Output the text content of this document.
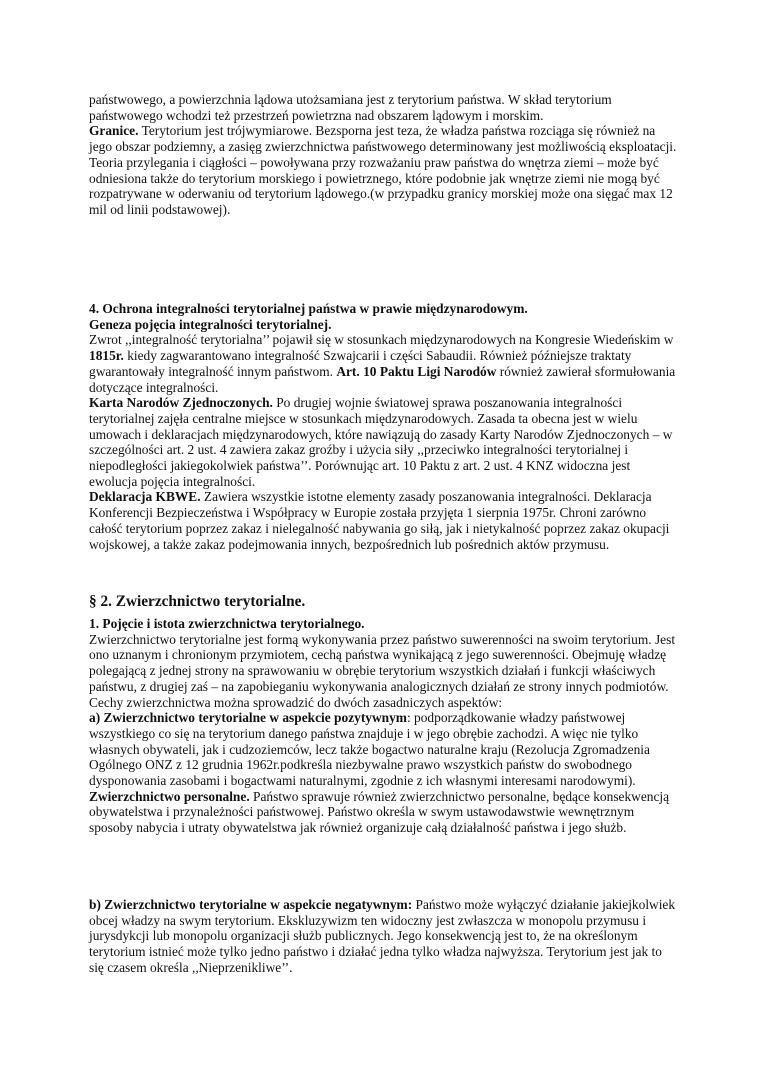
państwowego, a powierzchnia lądowa utożsamiana jest z terytorium państwa. W skład terytorium państwowego wchodzi też przestrzeń powietrzna nad obszarem lądowym i morskim.

Granice. Terytorium jest trójwymiarowe. Bezsporna jest teza, że władza państwa rozciąga się również na jego obszar podziemny, a zasięg zwierzchnictwa państwowego determinowany jest możliwością eksploatacji.

Teoria przylegania i ciągłości – powoływana przy rozważaniu praw państwa do wnętrza ziemi – może być odniesiona także do terytorium morskiego i powietrznego, które podobnie jak wnętrze ziemi nie mogą być rozpatrywane w oderwaniu od terytorium lądowego.(w przypadku granicy morskiej może ona sięgać max 12 mil od linii podstawowej).

4. Ochrona integralności terytorialnej państwa w prawie międzynarodowym.

Geneza pojęcia integralności terytorialnej.

Zwrot ,,integralność terytorialna’’ pojawił się w stosunkach międzynarodowych na Kongresie Wiedeńskim w 1815r. kiedy zagwarantowano integralność Szwajcarii i części Sabaudii. Również późniejsze traktaty gwarantowały integralność innym państwom. Art. 10 Paktu Ligi Narodów również zawierał sformułowania dotyczące integralności.

Karta Narodów Zjednoczonych. Po drugiej wojnie światowej sprawa poszanowania integralności terytorialnej zajęła centralne miejsce w stosunkach międzynarodowych. Zasada ta obecna jest w wielu umowach i deklaracjach międzynarodowych, które nawiązują do zasady Karty Narodów Zjednoczonych – w szczególności art. 2 ust. 4 zawiera zakaz groźby i użycia siły ,,przeciwko integralności terytorialnej i niepodległości jakiegokolwiek państwa’’. Porównując art. 10 Paktu z art. 2 ust. 4 KNZ widoczna jest ewolucja pojęcia integralności.

Deklaracja KBWE. Zawiera wszystkie istotne elementy zasady poszanowania integralności. Deklaracja Konferencji Bezpieczeństwa i Współpracy w Europie została przyjęta 1 sierpnia 1975r. Chroni zarówno całość terytorium poprzez zakaz i nielegalność nabywania go siłą, jak i nietykalność poprzez zakaz okupacji wojskowej, a także zakaz podejmowania innych, bezpośrednich lub pośrednich aktów przymusu.

§ 2. Zwierzchnictwo terytorialne.

1. Pojęcie i istota zwierzchnictwa terytorialnego.

Zwierzchnictwo terytorialne jest formą wykonywania przez państwo suwerenności na swoim terytorium. Jest ono uznanym i chronionym przymiotem, cechą państwa wynikającą z jego suwerenności. Obejmuję władzę polegającą z jednej strony na sprawowaniu w obrębie terytorium wszystkich działań i funkcji właściwych państwu, z drugiej zaś – na zapobieganiu wykonywania analogicznych działań ze strony innych podmiotów. Cechy zwierzchnictwa można sprowadzić do dwóch zasadniczych aspektów:

a) Zwierzchnictwo terytorialne w aspekcie pozytywnym: podporządkowanie władzy państwowej wszystkiego co się na terytorium danego państwa znajduje i w jego obrębie zachodzi. A więc nie tylko własnych obywateli, jak i cudzoziemców, lecz także bogactwo naturalne kraju (Rezolucja Zgromadzenia Ogólnego ONZ z 12 grudnia 1962r.podkreśla niezbywalne prawo wszystkich państw do swobodnego dysponowania zasobami i bogactwami naturalnymi, zgodnie z ich własnymi interesami narodowymi).

Zwierzchnictwo personalne. Państwo sprawuje również zwierzchnictwo personalne, będące konsekwencją obywatelstwa i przynależności państwowej. Państwo określa w swym ustawodawstwie wewnętrznym sposoby nabycia i utraty obywatelstwa jak również organizuje całą działalność państwa i jego służb.

b) Zwierzchnictwo terytorialne w aspekcie negatywnym: Państwo może wyłączyć działanie jakiejkolwiek obcej władzy na swym terytorium. Ekskluzywizm ten widoczny jest zwłaszcza w monopolu przymusu i jurysdykcji lub monopolu organizacji służb publicznych. Jego konsekwencją jest to, że na określonym terytorium istnieć może tylko jedno państwo i działać jedna tylko władza najwyższa. Terytorium jest jak to się czasem określa ,,Nieprzenikliwe’’.
